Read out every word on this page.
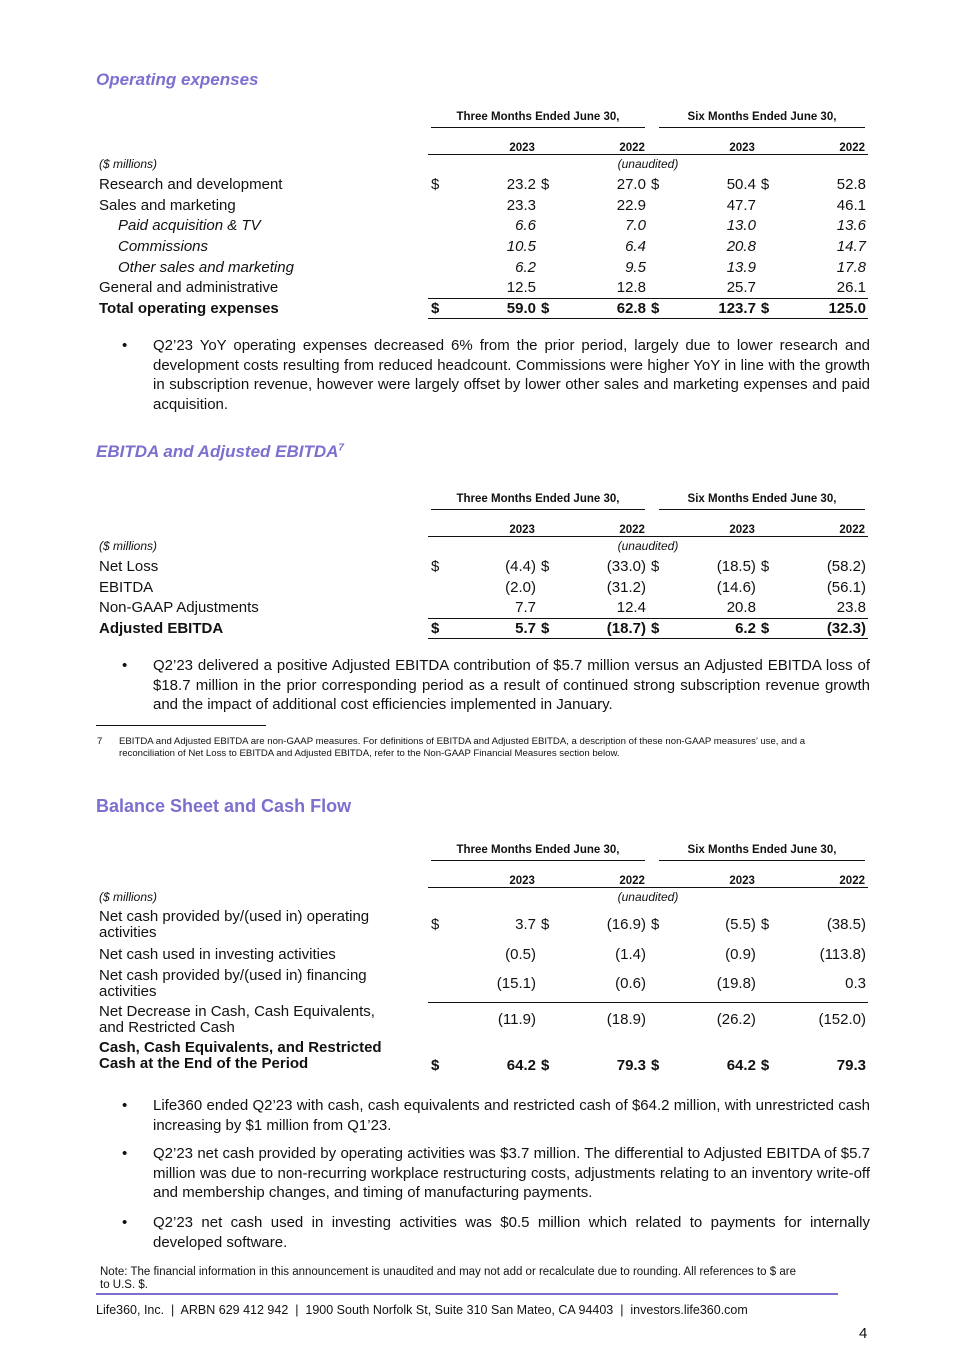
Operating expenses

	Three Months Ended June 30,				Six Months Ended June 30,			

		2023		2022		2023		2022
($ millions)	(unaudited)							
Research and development	$	23.2	$	27.0	$	50.4	$	52.8
Sales and marketing		23.3		22.9		47.7		46.1
Paid acquisition & TV		6.6		7.0		13.0		13.6
Commissions		10.5		6.4		20.8		14.7
Other sales and marketing		6.2		9.5		13.9		17.8
General and administrative		12.5		12.8		25.7		26.1
Total operating expenses	$	59.0	$	62.8	$	123.7	$	125.0
• Q2’23 YoY operating expenses decreased 6% from the prior period, largely due to lower research and development costs resulting from reduced headcount. Commissions were higher YoY in line with the growth in subscription revenue, however were largely offset by lower other sales and marketing expenses and paid acquisition.
EBITDA and Adjusted EBITDA$^7$

	Three Months Ended June 30,				Six Months Ended June 30,			

		2023		2022		2023		2022
($ millions)	(unaudited)							
Net Loss	$	(4.4)	$	(33.0)	$	(18.5)	$	(58.2)
EBITDA		(2.0)		(31.2)		(14.6)		(56.1)
Non-GAAP Adjustments		7.7		12.4		20.8		23.8
Adjusted EBITDA	$	5.7	$	(18.7)	$	6.2	$	(32.3)
• Q2’23 delivered a positive Adjusted EBITDA contribution of $5.7 million versus an Adjusted EBITDA loss of $18.7 million in the prior corresponding period as a result of continued strong subscription revenue growth and the impact of additional cost efficiencies implemented in January.
7 EBITDA and Adjusted EBITDA are non-GAAP measures. For definitions of EBITDA and Adjusted EBITDA, a description of these non-GAAP measures’ use, and a reconciliation of Net Loss to EBITDA and Adjusted EBITDA, refer to the Non-GAAP Financial Measures section below.
Balance Sheet and Cash Flow

	Three Months Ended June 30,				Six Months Ended June 30,			

		2023		2022		2023		2022
($ millions)	(unaudited)							

Net cash provided by/(used in) operating
activities	$	3.7	$	(16.9)	$	(5.5)	$	(38.5)
Net cash used in investing activities		(0.5)		(1.4)		(0.9)		(113.8)

Net cash provided by/(used in) financing
activities		(15.1)		(0.6)		(19.8)		0.3

Net Decrease in Cash, Cash Equivalents,
and Restricted Cash		(11.9)		(18.9)		(26.2)		(152.0)

Cash, Cash Equivalents, and Restricted
Cash at the End of the Period	$	64.2	$	79.3	$	64.2	$	79.3
• Life360 ended Q2’23 with cash, cash equivalents and restricted cash of $64.2 million, with unrestricted cash increasing by $1 million from Q1’23.
• Q2’23 net cash provided by operating activities was $3.7 million. The differential to Adjusted EBITDA of $5.7 million was due to non-recurring workplace restructuring costs, adjustments relating to an inventory write-off and membership changes, and timing of manufacturing payments.
• Q2’23 net cash used in investing activities was $0.5 million which related to payments for internally developed software.
Note: The financial information in this announcement is unaudited and may not add or recalculate due to rounding. All references to $ are to U.S. $.
Life360, Inc.  |  ARBN 629 412 942  |  1900 South Norfolk St, Suite 310 San Mateo, CA 94403  |  investors.life360.com
4
